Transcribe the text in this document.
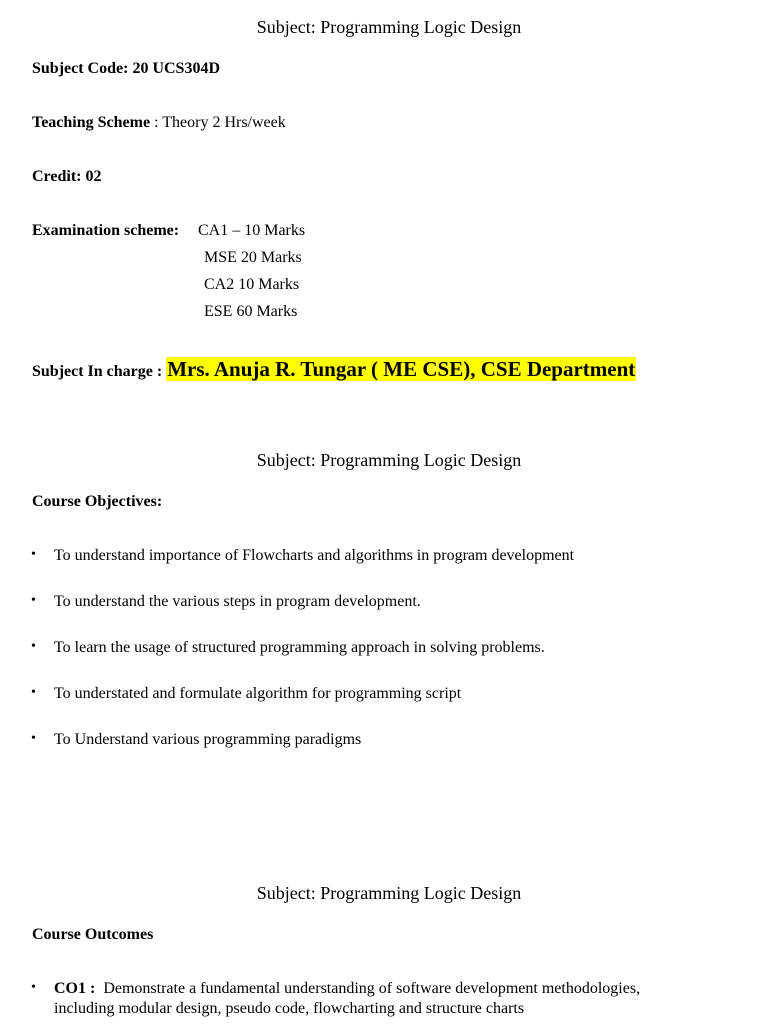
Subject: Programming Logic Design
Subject Code: 20 UCS304D
Teaching Scheme : Theory 2 Hrs/week
Credit: 02
Examination scheme: CA1 – 10 Marks
MSE 20 Marks
CA2 10 Marks
ESE 60 Marks
Subject In charge : Mrs. Anuja R. Tungar ( ME CSE), CSE Department
Subject: Programming Logic Design
Course Objectives:
• To understand importance of Flowcharts and algorithms in program development
• To understand the various steps in program development.
• To learn the usage of structured programming approach in solving problems.
• To understated and formulate algorithm for programming script
• To Understand various programming paradigms
Subject: Programming Logic Design
Course Outcomes
• CO1 : Demonstrate a fundamental understanding of software development methodologies,
including modular design, pseudo code, flowcharting and structure charts
